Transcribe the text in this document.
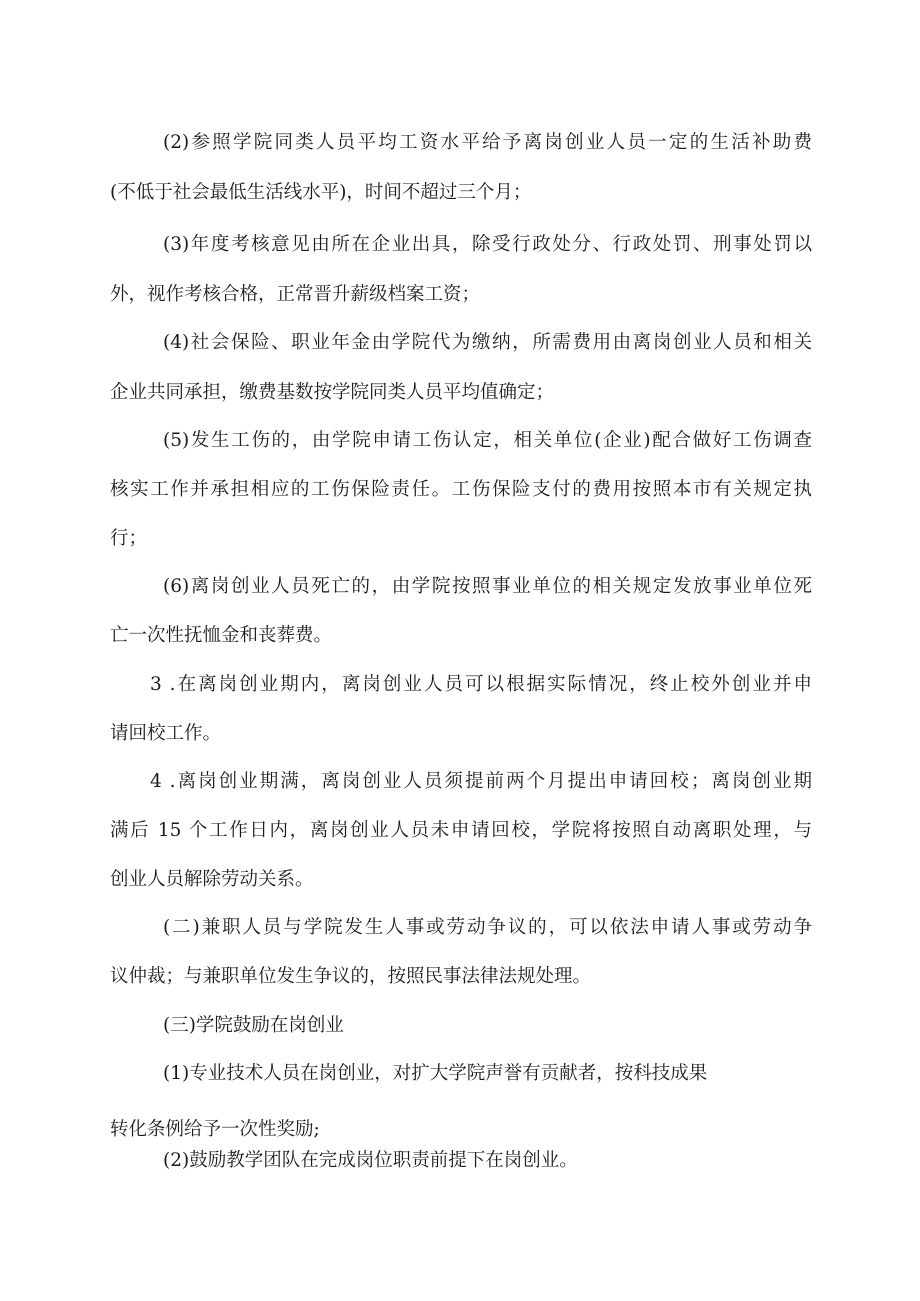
(2)参照学院同类人员平均工资水平给予离岗创业人员一定的生活补助费
(不低于社会最低生活线水平)，时间不超过三个月；
(3)年度考核意见由所在企业出具，除受行政处分、行政处罚、刑事处罚以
外，视作考核合格，正常晋升薪级档案工资；
(4)社会保险、职业年金由学院代为缴纳，所需费用由离岗创业人员和相关
企业共同承担，缴费基数按学院同类人员平均值确定；
(5)发生工伤的，由学院申请工伤认定，相关单位(企业)配合做好工伤调查
核实工作并承担相应的工伤保险责任。工伤保险支付的费用按照本市有关规定执
行；
(6)离岗创业人员死亡的，由学院按照事业单位的相关规定发放事业单位死
亡一次性抚恤金和丧葬费。
3 .在离岗创业期内，离岗创业人员可以根据实际情况，终止校外创业并申
请回校工作。
4 .离岗创业期满，离岗创业人员须提前两个月提出申请回校；离岗创业期
满后 15 个工作日内，离岗创业人员未申请回校，学院将按照自动离职处理，与
创业人员解除劳动关系。
(二)兼职人员与学院发生人事或劳动争议的，可以依法申请人事或劳动争
议仲裁；与兼职单位发生争议的，按照民事法律法规处理。
(三)学院鼓励在岗创业
(1)专业技术人员在岗创业，对扩大学院声誉有贡献者，按科技成果
转化条例给予一次性奖励;
(2)鼓励教学团队在完成岗位职责前提下在岗创业。
